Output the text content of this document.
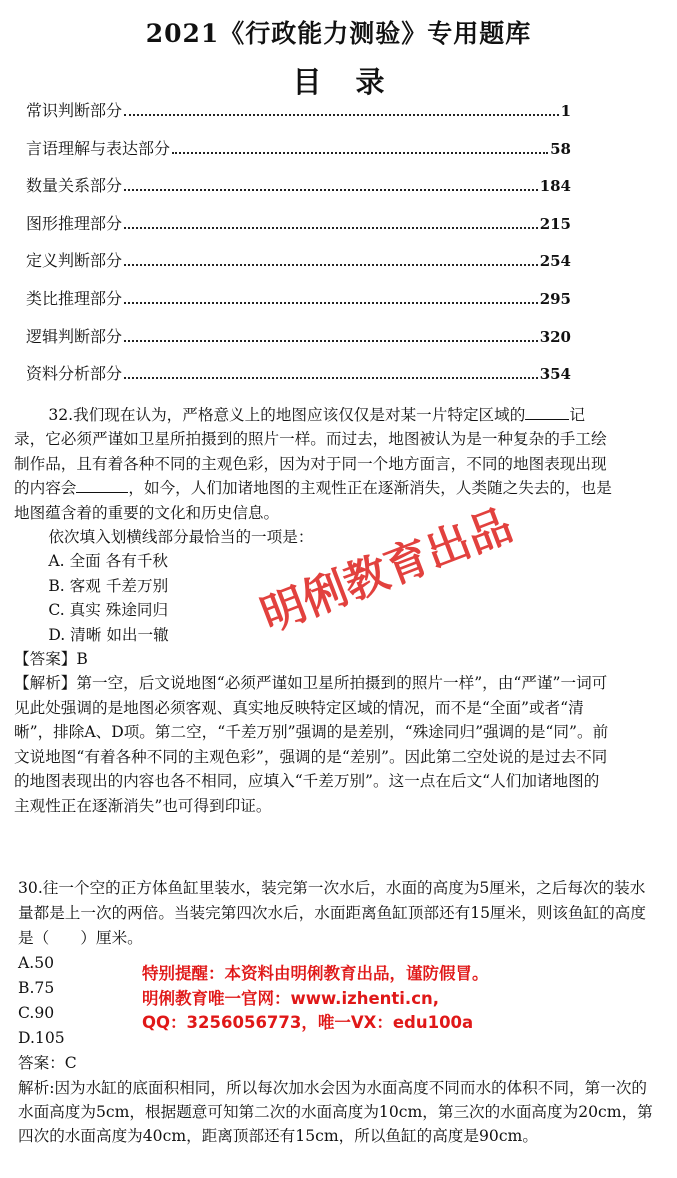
2021《行政能力测验》专用题库
目录
常识判断部分	1
言语理解与表达部分	58
数量关系部分	184
图形推理部分	215
定义判断部分	254
类比推理部分	295
逻辑判断部分	320
资料分析部分	354

32.我们现在认为，严格意义上的地图应该仅仅是对某一片特定区域的	记录，它必须严谨如卫星所拍摄到的照片一样。而过去，地图被认为是一种复杂的手工绘制作品，且有着各种不同的主观色彩，因为对于同一个地方面言，不同的地图表现出现的内容会	，如今，人们加诸地图的主观性正在逐渐消失，人类随之失去的，也是地图蕴含着的重要的文化和历史信息。

依次填入划横线部分最恰当的一项是：

A. 全面 各有千秋

B. 客观 千差万别

C. 真实 殊途同归

D. 清晰 如出一辙

【答案】B

【解析】第一空，后文说地图“必须严谨如卫星所拍摄到的照片一样”，由“严谨”一词可见此处强调的是地图必须客观、真实地反映特定区域的情况，而不是“全面”或者“清晰”，排除A、D项。第二空，“千差万别”强调的是差别，“殊途同归”强调的是“同”。前文说地图“有着各种不同的主观色彩”，强调的是“差别”。因此第二空处说的是过去不同的地图表现出的内容也各不相同，应填入“千差万别”。这一点在后文“人们加诸地图的主观性正在逐渐消失”也可得到印证。

30.往一个空的正方体鱼缸里装水，装完第一次水后，水面的高度为5厘米，之后每次的装水量都是上一次的两倍。当装完第四次水后，水面距离鱼缸顶部还有15厘米，则该鱼缸的高度是（　　）厘米。

A.50

B.75

C.90

D.105

答案：C

解析:因为水缸的底面积相同，所以每次加水会因为水面高度不同而水的体积不同，第一次的水面高度为5cm，根据题意可知第二次的水面高度为10cm，第三次的水面高度为20cm，第四次的水面高度为40cm，距离顶部还有15cm，所以鱼缸的高度是90cm。

特别提醒：本资料由明俐教育出品，谨防假冒。

明俐教育唯一官网：www.izhenti.cn,

QQ：3256056773，唯一VX：edu100a

明俐教育出品
